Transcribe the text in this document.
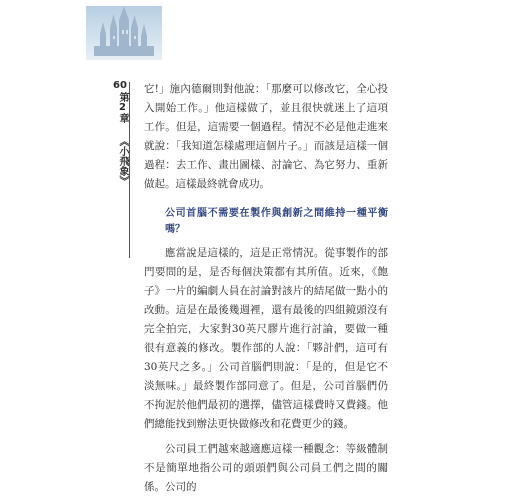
60
第2章
《小飛象》

它!」施內德爾則對他說：「那麼可以修改它，全心投入開始工作。」他這樣做了，並且很快就迷上了這項工作。但是，這需要一個過程。情況不必是他走進來就說：「我知道怎樣處理這個片子。」而該是這樣一個過程：去工作、畫出圖樣、討論它、為它努力、重新做起。這樣最終就會成功。

公司首腦不需要在製作與創新之間維持一種平衡嗎？

應當說是這樣的，這是正常情況。從事製作的部門要問的是，是否每個決策都有其所值。近來，《飽子》一片的編劇人員在討論對該片的結尾做一點小的改動。這是在最後幾週裡，還有最後的四組鏡頭沒有完全拍完，大家對30英尺膠片進行討論，要做一種很有意義的修改。製作部的人說：「夥計們，這可有30英尺之多。」公司首腦們則說：「是的，但是它不淡無味。」最終製作部同意了。但是，公司首腦們仍不拘泥於他們最初的選擇，儘管這樣費時又費錢。他們總能找到辦法更快做修改和花費更少的錢。

公司員工們越來越適應這樣一種觀念：等級體制不是簡單地指公司的頭頭們與公司員工們之間的關係。公司的
